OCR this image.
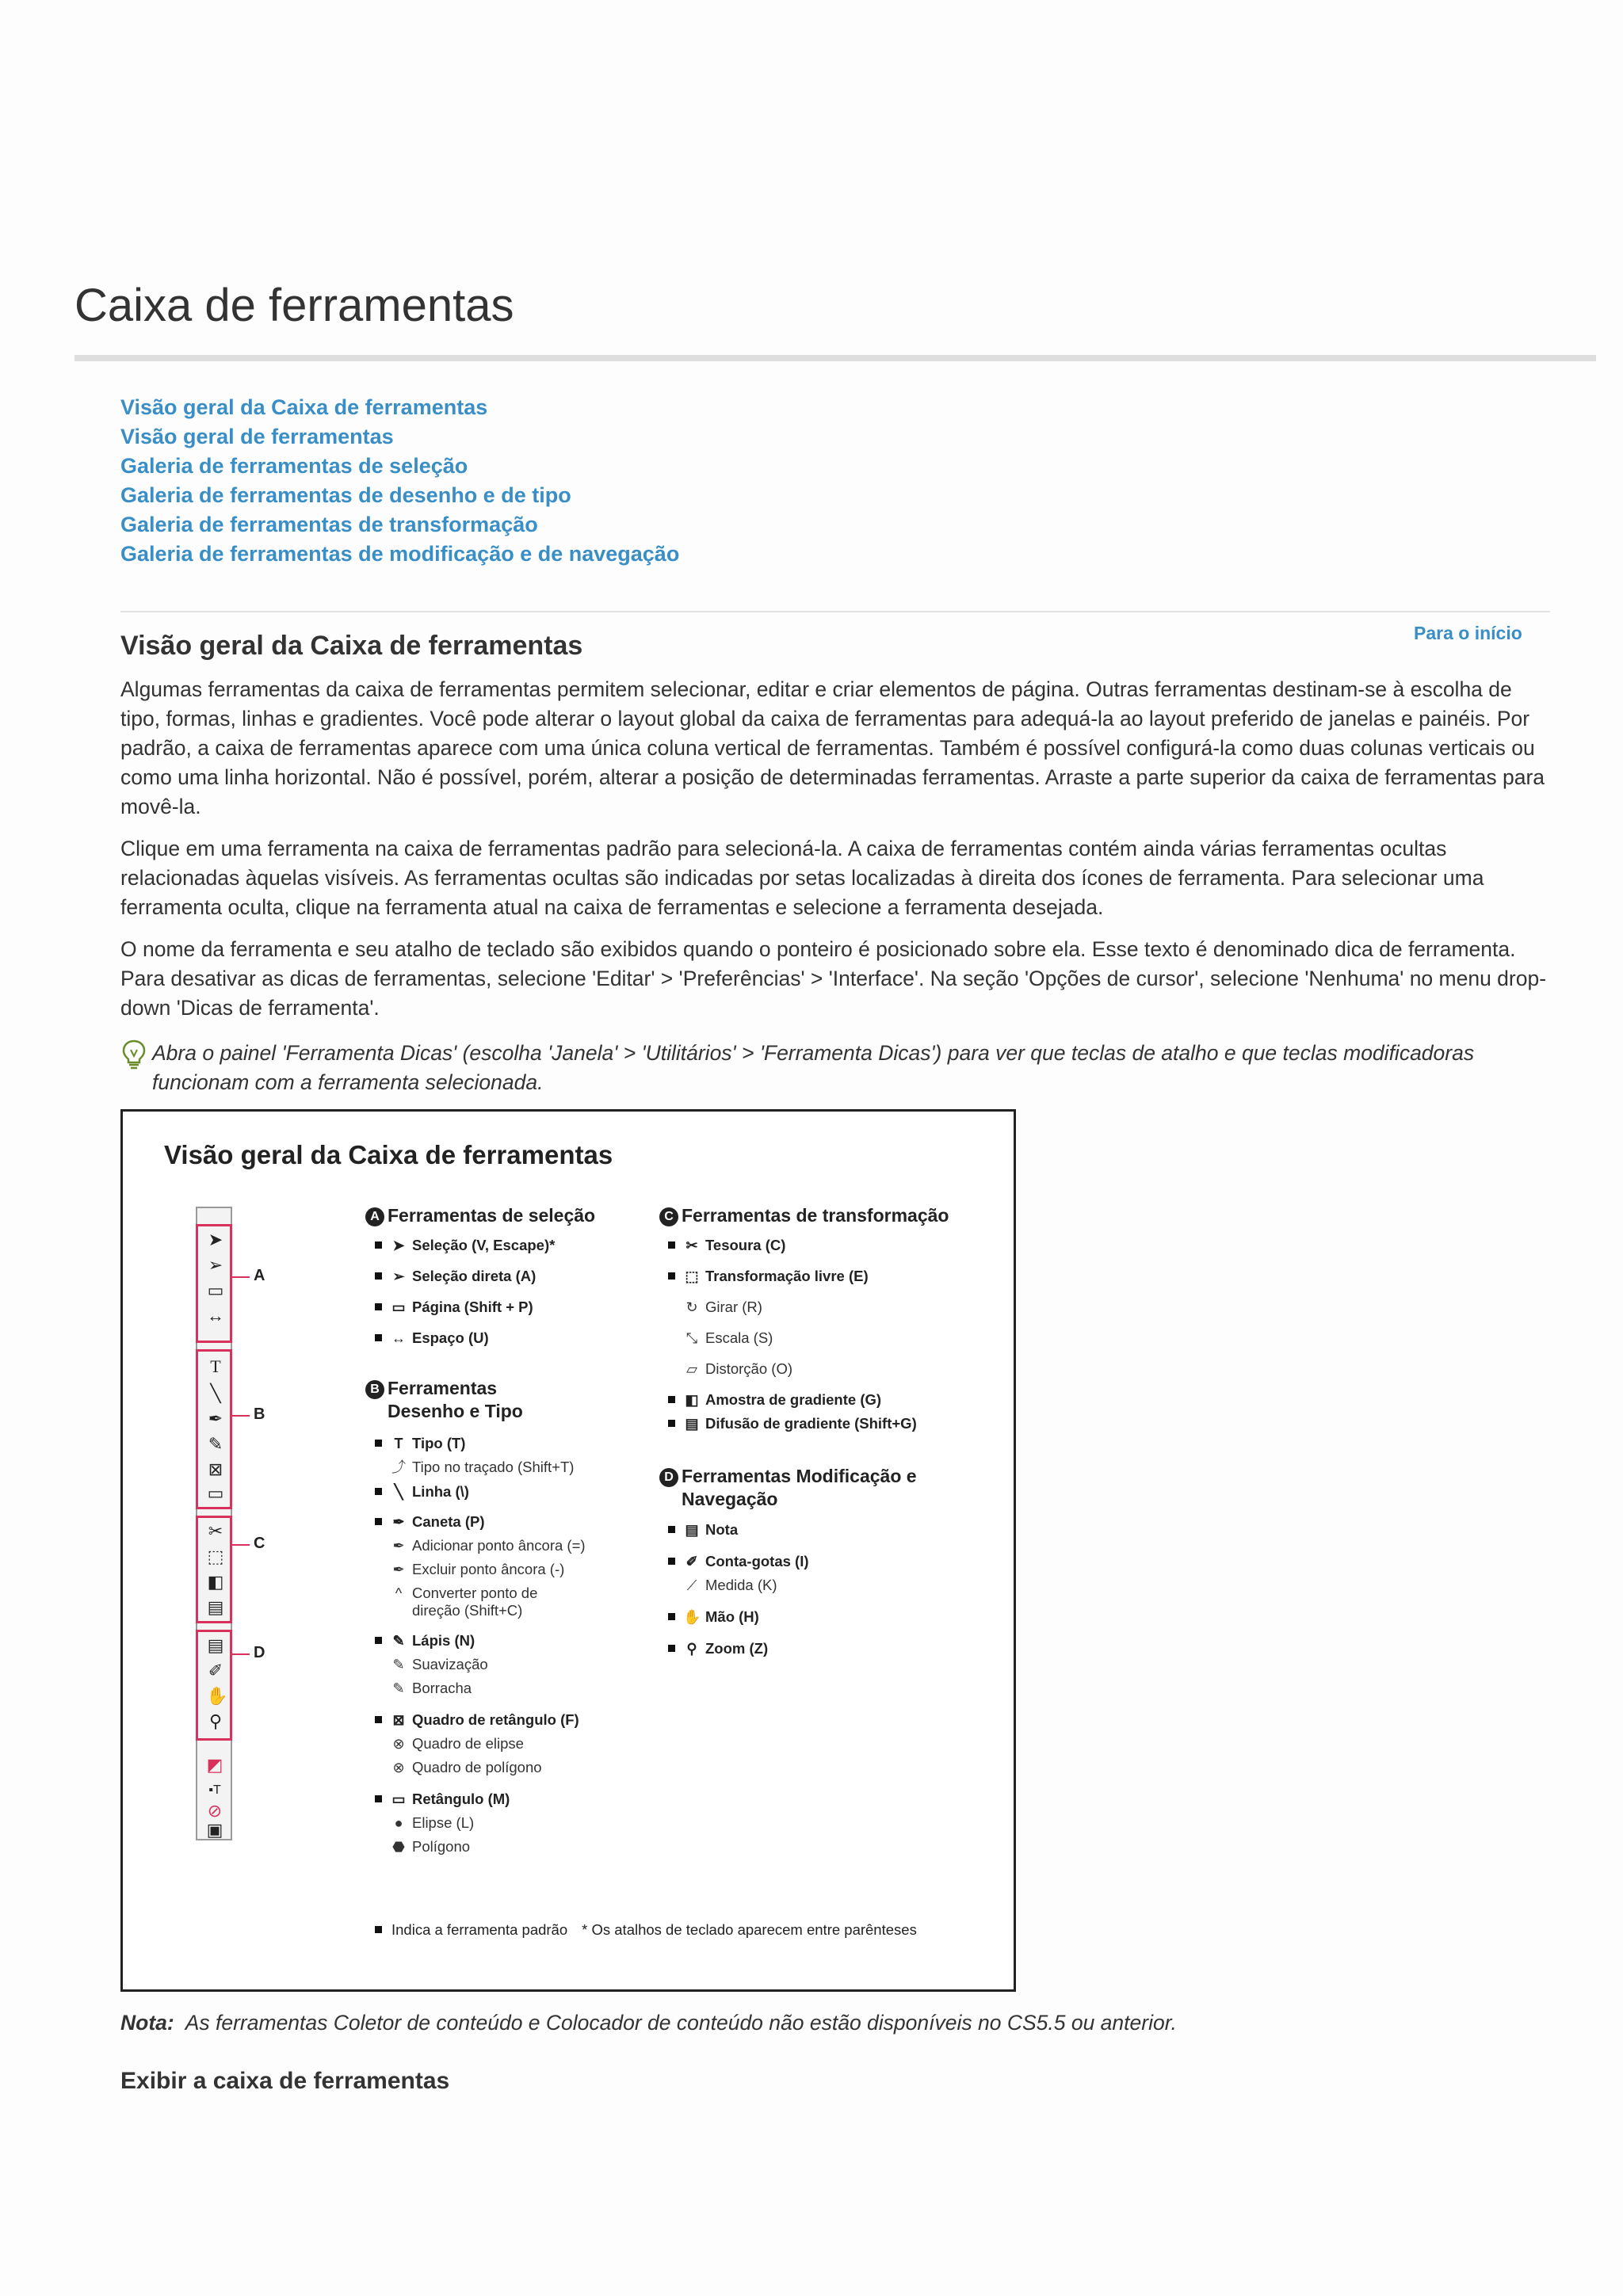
Caixa de ferramentas
Visão geral da Caixa de ferramentas
Visão geral de ferramentas
Galeria de ferramentas de seleção
Galeria de ferramentas de desenho e de tipo
Galeria de ferramentas de transformação
Galeria de ferramentas de modificação e de navegação
Para o início
Visão geral da Caixa de ferramentas

Algumas ferramentas da caixa de ferramentas permitem selecionar, editar e criar elementos de página. Outras ferramentas destinam-se à escolha de tipo, formas, linhas e gradientes. Você pode alterar o layout global da caixa de ferramentas para adequá-la ao layout preferido de janelas e painéis. Por padrão, a caixa de ferramentas aparece com uma única coluna vertical de ferramentas. Também é possível configurá-la como duas colunas verticais ou como uma linha horizontal. Não é possível, porém, alterar a posição de determinadas ferramentas. Arraste a parte superior da caixa de ferramentas para movê-la.

Clique em uma ferramenta na caixa de ferramentas padrão para selecioná-la. A caixa de ferramentas contém ainda várias ferramentas ocultas relacionadas àquelas visíveis. As ferramentas ocultas são indicadas por setas localizadas à direita dos ícones de ferramenta. Para selecionar uma ferramenta oculta, clique na ferramenta atual na caixa de ferramentas e selecione a ferramenta desejada.

O nome da ferramenta e seu atalho de teclado são exibidos quando o ponteiro é posicionado sobre ela. Esse texto é denominado dica de ferramenta. Para desativar as dicas de ferramentas, selecione 'Editar' > 'Preferências' > 'Interface'. Na seção 'Opções de cursor', selecione 'Nenhuma' no menu drop-down 'Dicas de ferramenta'.

Abra o painel 'Ferramenta Dicas' (escolha 'Janela' > 'Utilitários' > 'Ferramenta Dicas') para ver que teclas de atalho e que teclas modificadoras funcionam com a ferramenta selecionada.

Visão geral da Caixa de ferramentas
➤
➢
▭
↔
T
╲
✒
✎
⊠
▭
✂
⬚
◧
▤
▤
✐
✋
⚲
◩
▪T
⊘
▣
A
B
C
D
A Ferramentas de seleção
➤ Seleção (V, Escape)*
➢ Seleção direta (A)
▭ Página (Shift + P)
↔ Espaço (U)
B Ferramentas
Desenho e Tipo
T Tipo (T)
⤴ Tipo no traçado (Shift+T)
╲ Linha (\)
✒ Caneta (P)
✒ Adicionar ponto âncora (=)
✒ Excluir ponto âncora (-)
^ Converter ponto de
direção (Shift+C)
✎ Lápis (N)
✎ Suavização
✎ Borracha
⊠ Quadro de retângulo (F)
⊗ Quadro de elipse
⊗ Quadro de polígono
▭ Retângulo (M)
● Elipse (L)
⬣ Polígono
C Ferramentas de transformação
✂ Tesoura (C)
⬚ Transformação livre (E)
↻ Girar (R)
⤡ Escala (S)
▱ Distorção (O)
◧ Amostra de gradiente (G)
▤ Difusão de gradiente (Shift+G)
D Ferramentas Modificação e
Navegação
▤ Nota
✐ Conta-gotas (I)
⟋ Medida (K)
✋ Mão (H)
⚲ Zoom (Z)
Indica a ferramenta padrão * Os atalhos de teclado aparecem entre parênteses

Nota: As ferramentas Coletor de conteúdo e Colocador de conteúdo não estão disponíveis no CS5.5 ou anterior.

Exibir a caixa de ferramentas
